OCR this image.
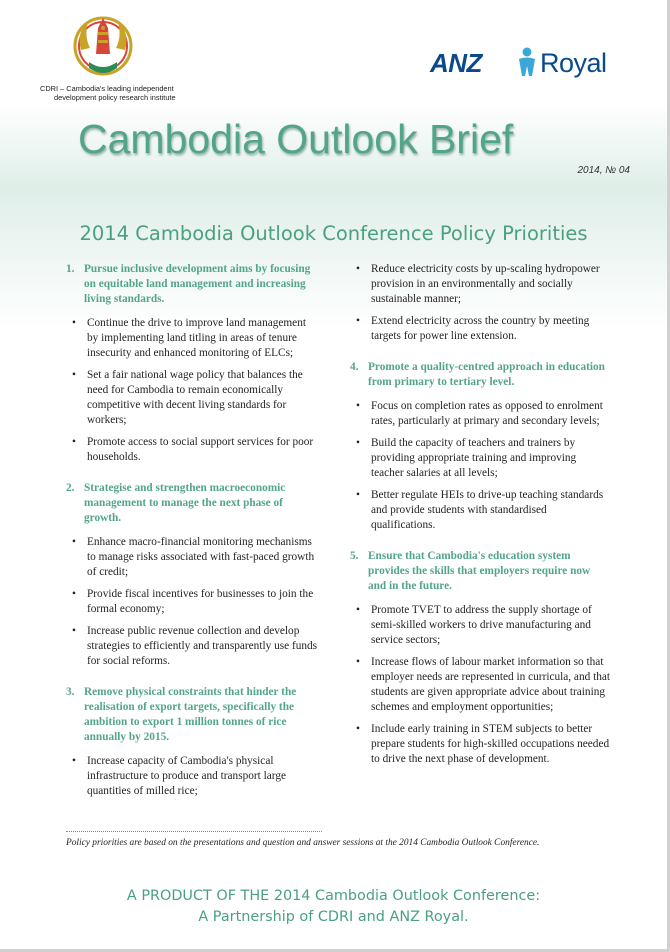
CDRI – Cambodia's leading independent
development policy research institute
ANZ Royal
Cambodia Outlook Brief
2014, № 04
2014 Cambodia Outlook Conference Policy Priorities
1. Pursue inclusive development aims by focusing on equitable land management and increasing living standards.
• Continue the drive to improve land management by implementing land titling in areas of tenure insecurity and enhanced monitoring of ELCs;
• Set a fair national wage policy that balances the need for Cambodia to remain economically competitive with decent living standards for workers;
• Promote access to social support services for poor households.
2. Strategise and strengthen macroeconomic management to manage the next phase of growth.
• Enhance macro-financial monitoring mechanisms to manage risks associated with fast-paced growth of credit;
• Provide fiscal incentives for businesses to join the formal economy;
• Increase public revenue collection and develop strategies to efficiently and transparently use funds for social reforms.
3. Remove physical constraints that hinder the realisation of export targets, specifically the ambition to export 1 million tonnes of rice annually by 2015.
• Increase capacity of Cambodia's physical infrastructure to produce and transport large quantities of milled rice;
• Reduce electricity costs by up-scaling hydropower provision in an environmentally and socially sustainable manner;
• Extend electricity across the country by meeting targets for power line extension.
4. Promote a quality-centred approach in education from primary to tertiary level.
• Focus on completion rates as opposed to enrolment rates, particularly at primary and secondary levels;
• Build the capacity of teachers and trainers by providing appropriate training and improving teacher salaries at all levels;
• Better regulate HEIs to drive-up teaching standards and provide students with standardised qualifications.
5. Ensure that Cambodia's education system provides the skills that employers require now and in the future.
• Promote TVET to address the supply shortage of semi-skilled workers to drive manufacturing and service sectors;
• Increase flows of labour market information so that employer needs are represented in curricula, and that students are given appropriate advice about training schemes and employment opportunities;
• Include early training in STEM subjects to better prepare students for high-skilled occupations needed to drive the next phase of development.
Policy priorities are based on the presentations and question and answer sessions at the 2014 Cambodia Outlook Conference.
A PRODUCT OF THE 2014 Cambodia Outlook Conference:
A Partnership of CDRI and ANZ Royal.
